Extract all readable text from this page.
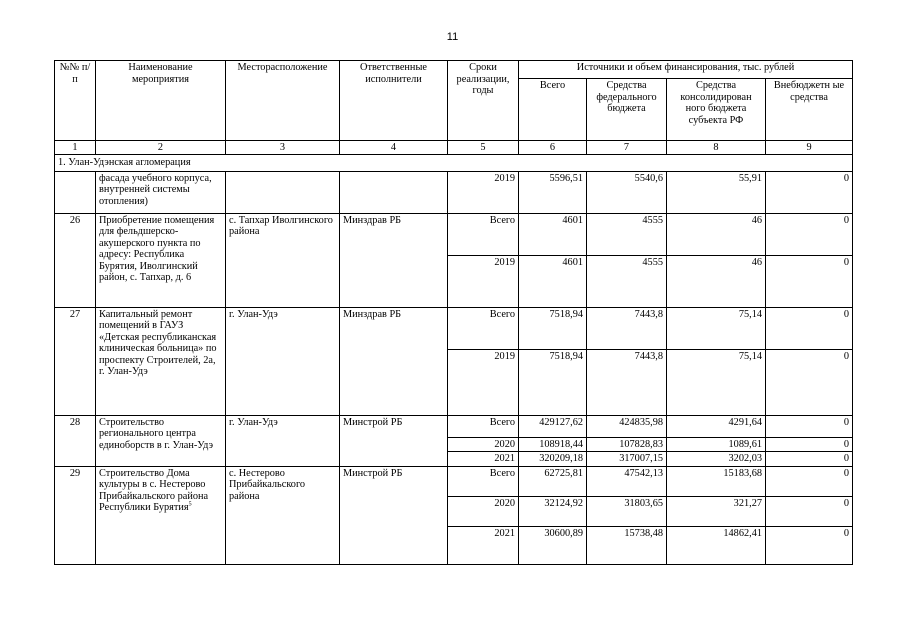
11
№№ п/п	Наименование мероприятия	Месторасположение	Ответственные исполнители	Сроки реализации, годы	Источники и объем финансирования, тыс. рублей			
					Всего	Средства федерального бюджета	Средства консолидирован ного бюджета субъекта РФ	Внебюджетн ые средства
1	2	3	4	5	6	7	8	9
1. Улан-Удэнская агломерация								
	фасада учебного корпуса, внутренней системы отопления)			2019	5596,51	5540,6	55,91	0
26	Приобретение помещения для фельдшерско-акушерского пункта по адресу: Республика Бурятия, Иволгинский район, с. Тапхар, д. 6	с. Тапхар Иволгинского района	Минздрав РБ	Всего	4601	4555	46	0
				2019	4601	4555	46	0
27	Капитальный ремонт помещений в ГАУЗ «Детская республиканская клиническая больница» по проспекту Строителей, 2а, г. Улан-Удэ	г. Улан-Удэ	Минздрав РБ	Всего	7518,94	7443,8	75,14	0
				2019	7518,94	7443,8	75,14	0
28	Строительство регионального центра единоборств в г. Улан-Удэ	г. Улан-Удэ	Минстрой РБ	Всего	429127,62	424835,98	4291,64	0
				2020	108918,44	107828,83	1089,61	0
				2021	320209,18	317007,15	3202,03	0
29	Строительство Дома культуры в с. Нестерово Прибайкальского района Республики Бурятия$^5$	с. Нестерово Прибайкальского района	Минстрой РБ	Всего	62725,81	47542,13	15183,68	0
				2020	32124,92	31803,65	321,27	0
				2021	30600,89	15738,48	14862,41	0
